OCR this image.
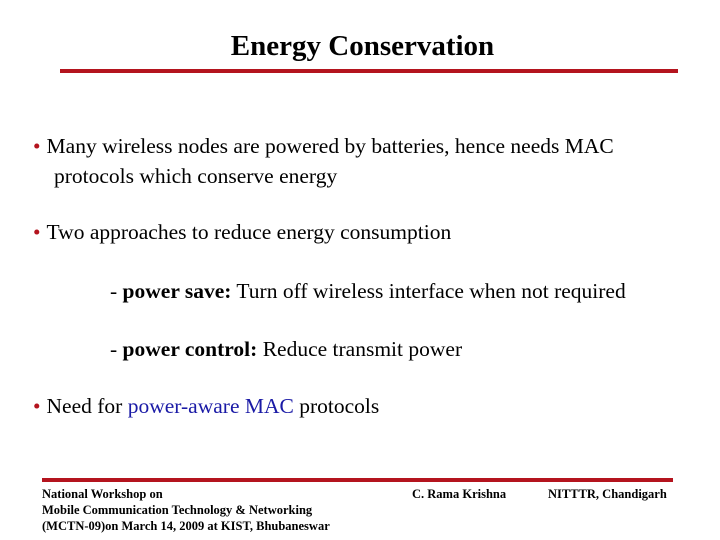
Energy Conservation
• Many wireless nodes are powered by batteries, hence needs MAC
protocols which conserve energy
• Two approaches to reduce energy consumption
- power save: Turn off wireless interface when not required
- power control: Reduce transmit power
• Need for power-aware MAC protocols
National Workshop on
Mobile Communication Technology & Networking
(MCTN-09)on March 14, 2009 at KIST, Bhubaneswar
C. Rama Krishna	NITTTR, Chandigarh
